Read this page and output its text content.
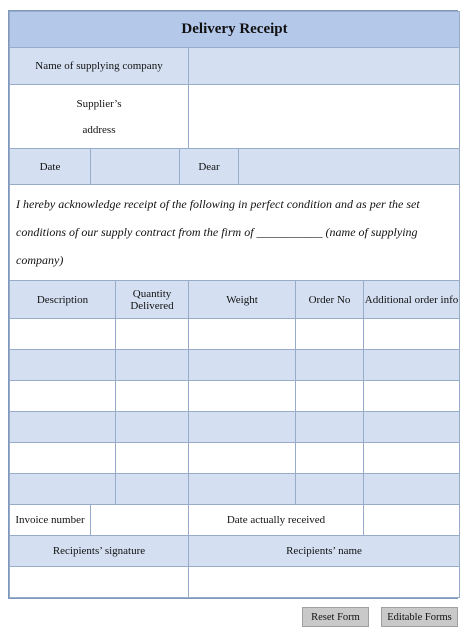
Delivery Receipt							
Name of supplying company							

Supplier’s
address							

Date			Dear				
I hereby acknowledge receipt of the following in perfect condition and as per the set conditions of our supply contract from the firm of ___________ (name of supplying company)							
Description		Quantity Delivered		Weight		Order No	Additional order info

Invoice number				Date actually received			
Recipients’ signature				Recipients’ name			

Reset Form	Editable Forms
